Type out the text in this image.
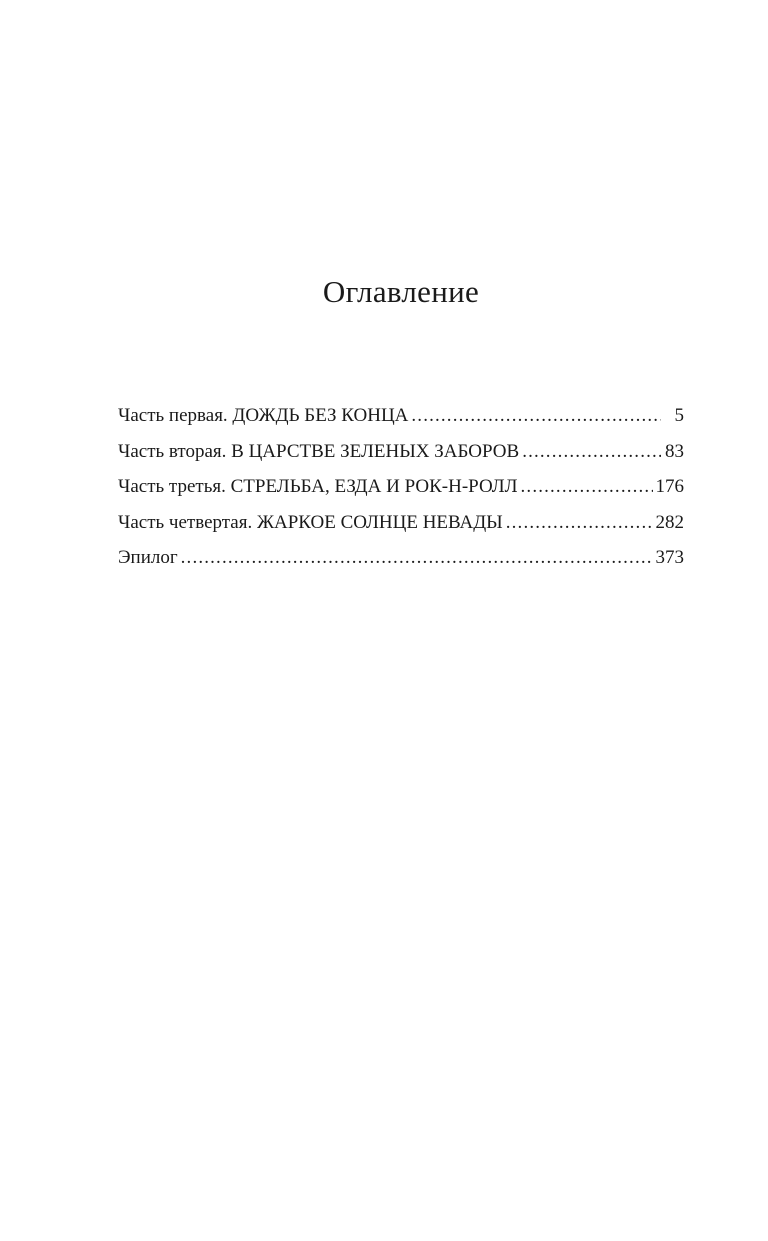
Оглавление
Часть первая. ДОЖДЬ БЕЗ КОНЦА . . .	5
Часть вторая. В ЦАРСТВЕ ЗЕЛЕНЫХ ЗАБОРОВ . . .	83
Часть третья. СТРЕЛЬБА, ЕЗДА И РОК-Н-РОЛЛ . . .	176
Часть четвертая. ЖАРКОЕ СОЛНЦЕ НЕВАДЫ . . .	282
Эпилог . . .	373
